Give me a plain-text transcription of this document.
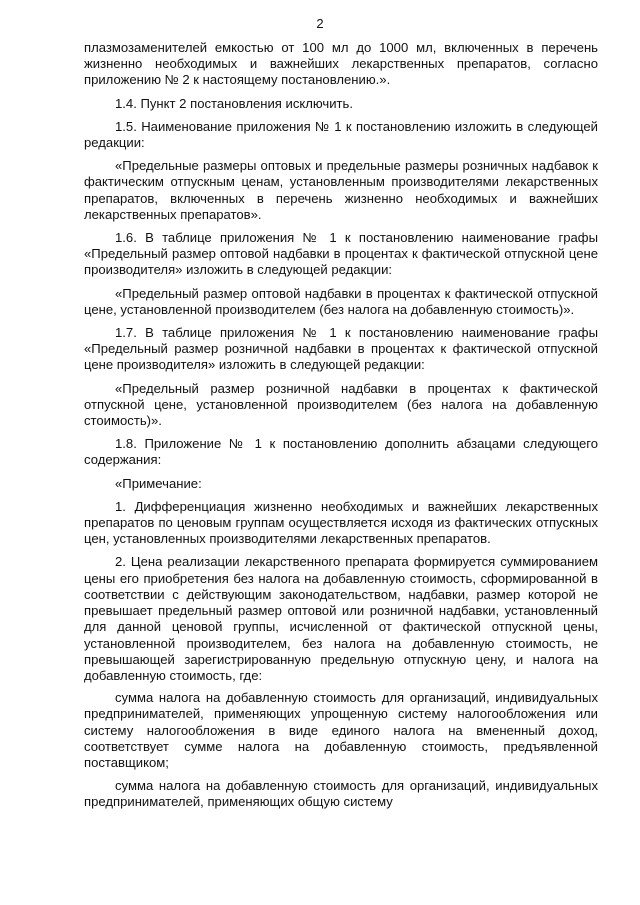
2

плазмозаменителей емкостью от 100 мл до 1000 мл, включенных в перечень жизненно необходимых и важнейших лекарственных препаратов, согласно приложению № 2 к настоящему постановлению.».

1.4. Пункт 2 постановления исключить.

1.5. Наименование приложения № 1 к постановлению изложить в следующей редакции:

«Предельные размеры оптовых и предельные размеры розничных надбавок к фактическим отпускным ценам, установленным производителями лекарственных препаратов, включенных в перечень жизненно необходимых и важнейших лекарственных препаратов».

1.6. В таблице приложения № 1 к постановлению наименование графы «Предельный размер оптовой надбавки в процентах к фактической отпускной цене производителя» изложить в следующей редакции:

«Предельный размер оптовой надбавки в процентах к фактической отпускной цене, установленной производителем (без налога на добавленную стоимость)».

1.7. В таблице приложения № 1 к постановлению наименование графы «Предельный размер розничной надбавки в процентах к фактической отпускной цене производителя» изложить в следующей редакции:

«Предельный размер розничной надбавки в процентах к фактической отпускной цене, установленной производителем (без налога на добавленную стоимость)».

1.8. Приложение № 1 к постановлению дополнить абзацами следующего содержания:

«Примечание:

1. Дифференциация жизненно необходимых и важнейших лекарственных препаратов по ценовым группам осуществляется исходя из фактических отпускных цен, установленных производителями лекарственных препаратов.

2. Цена реализации лекарственного препарата формируется суммированием цены его приобретения без налога на добавленную стоимость, сформированной в соответствии с действующим законодательством, надбавки, размер которой не превышает предельный размер оптовой или розничной надбавки, установленный для данной ценовой группы, исчисленной от фактической отпускной цены, установленной производителем, без налога на добавленную стоимость, не превышающей зарегистрированную предельную отпускную цену, и налога на добавленную стоимость, где:

сумма налога на добавленную стоимость для организаций, индивидуальных предпринимателей, применяющих упрощенную систему налогообложения или систему налогообложения в виде единого налога на вмененный доход, соответствует сумме налога на добавленную стоимость, предъявленной поставщиком;

сумма налога на добавленную стоимость для организаций, индивидуальных предпринимателей, применяющих общую систему
